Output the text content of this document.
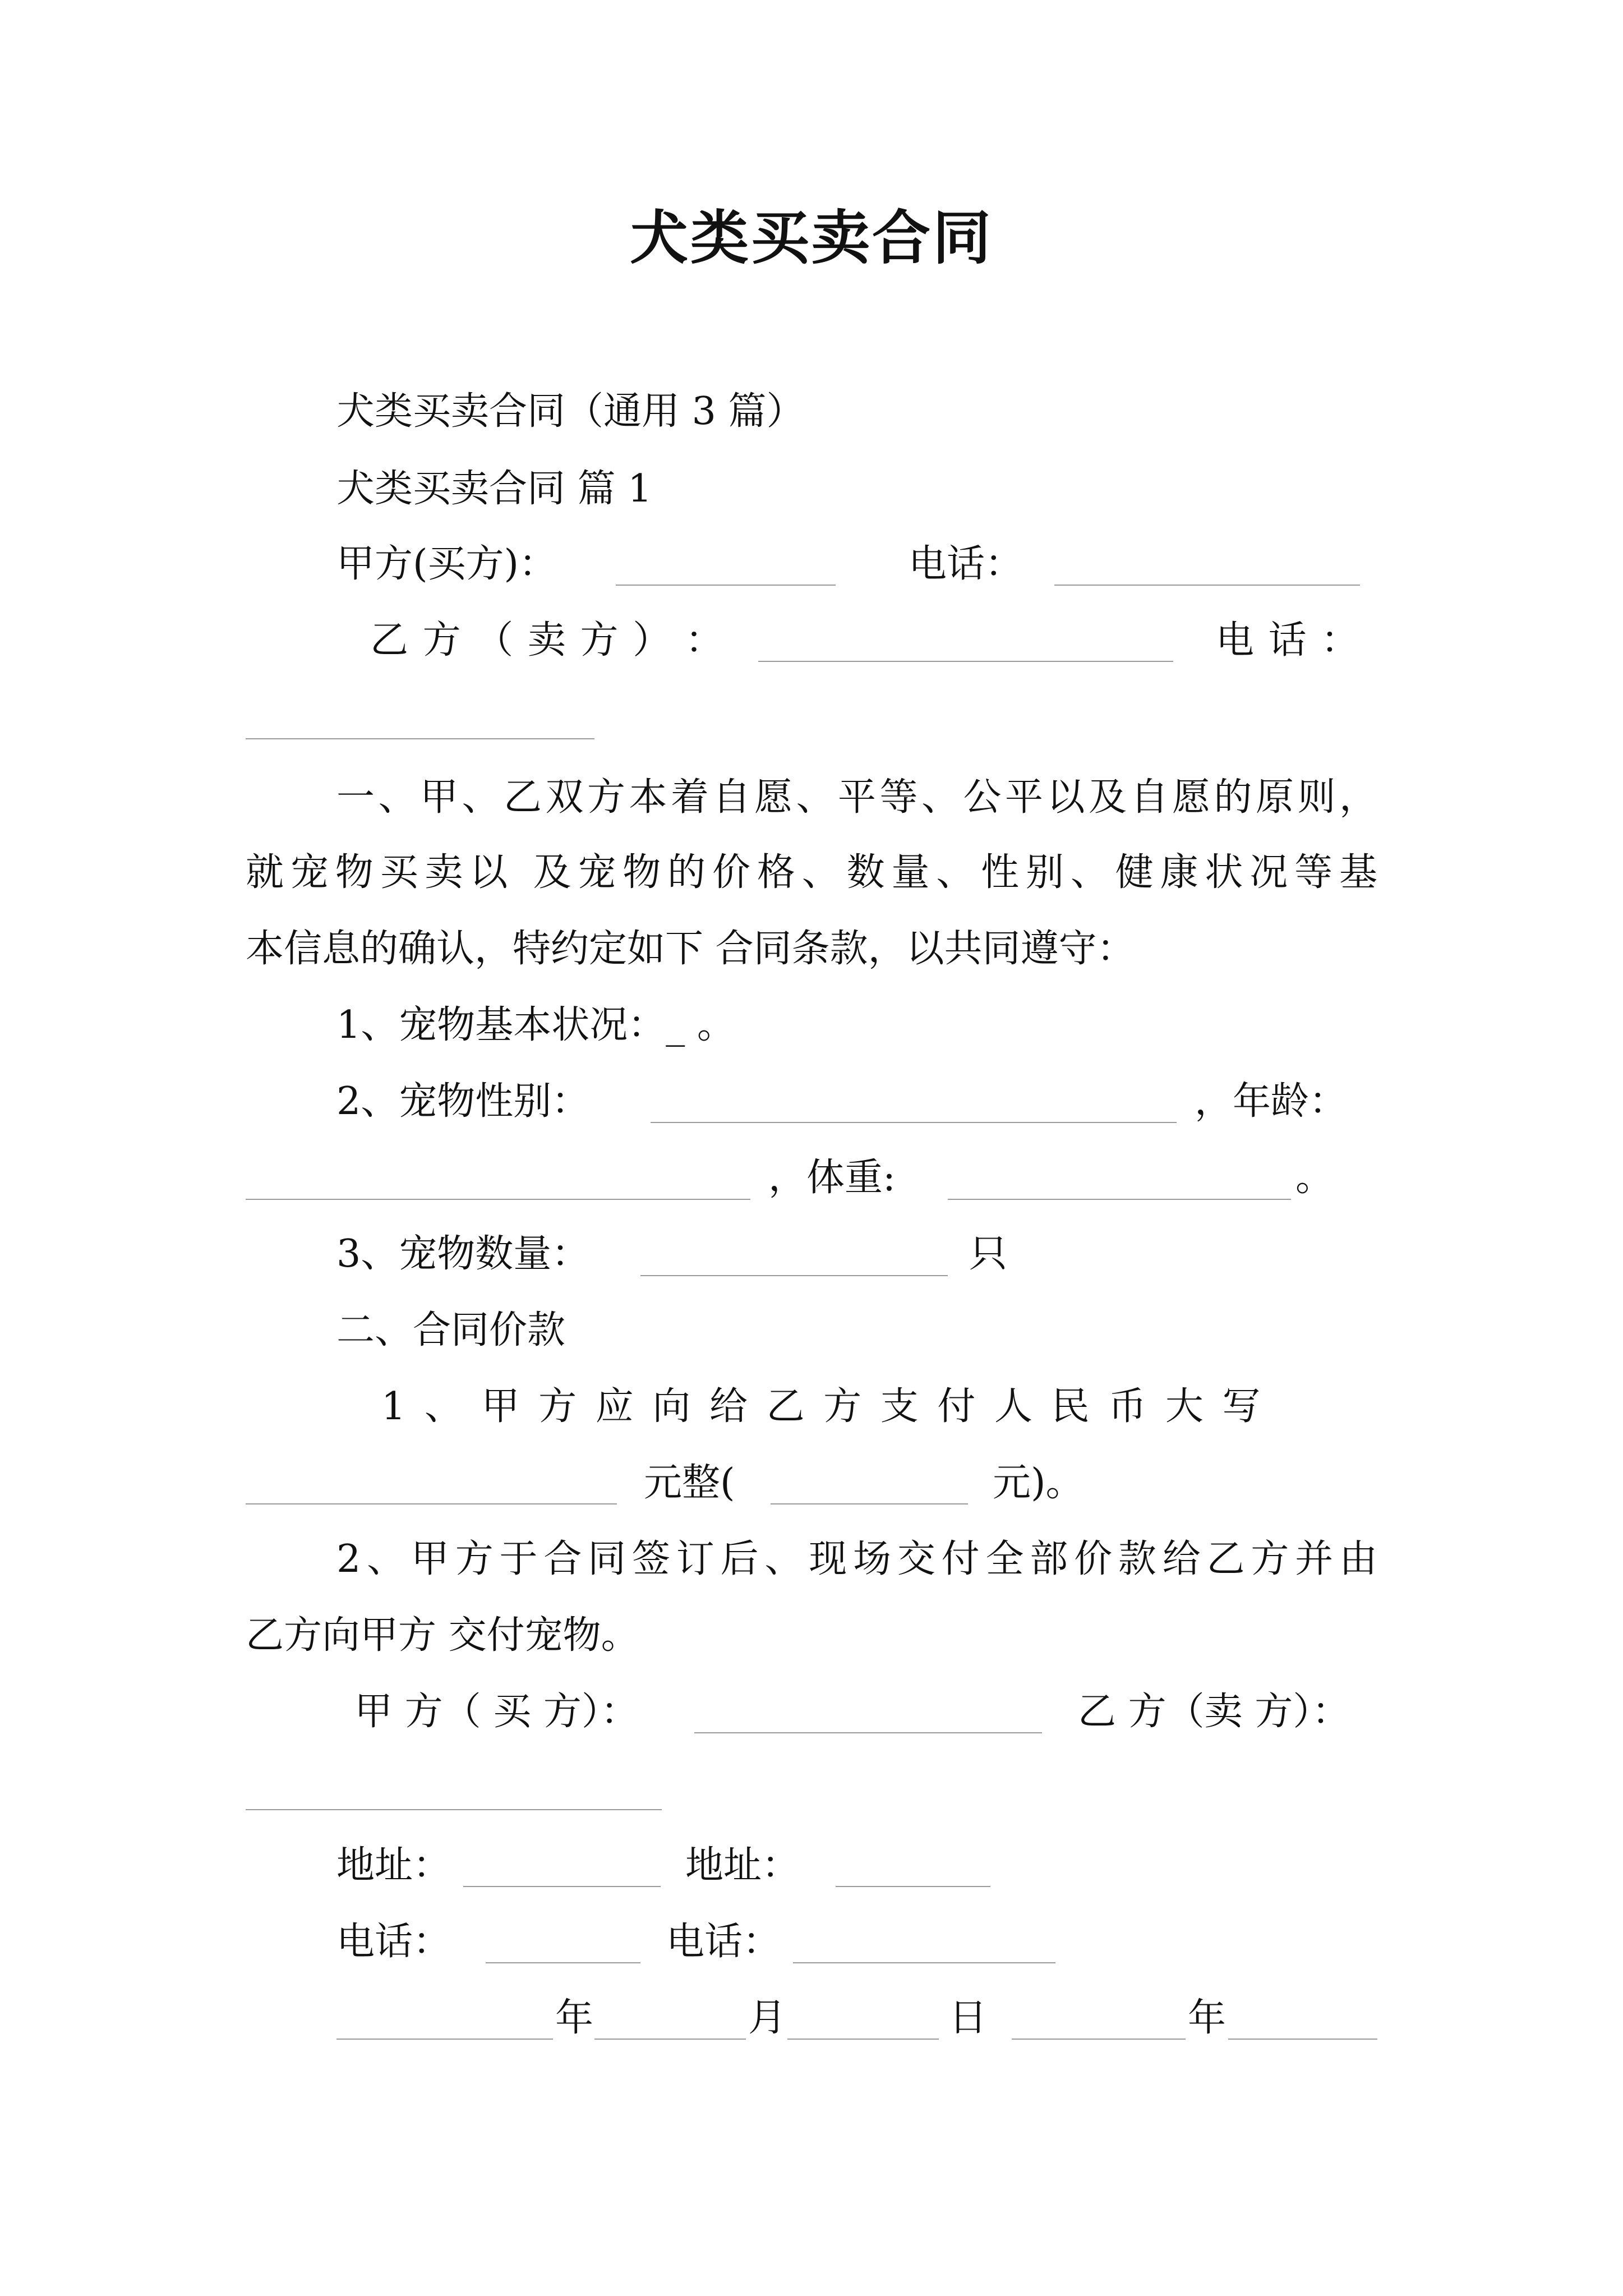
犬类买卖合同
犬类买卖合同（通用 3 篇）
犬类买卖合同 篇 1
甲方(买方)：	电话：
乙 方 （ 卖 方 ） ：	电 话 ：
一、甲、乙双方本着自愿、平等、公平以及自愿的原则，
就宠物买卖以 及宠物的价格、数量、性别、健康状况等基
本信息的确认，特约定如下 合同条款，以共同遵守：
1、宠物基本状况：_ 。
2、宠物性别：	，年龄：
，体重:	。
3、宠物数量：	只
二、合同价款
1 、 甲 方 应 向 给 乙 方 支 付 人 民 币 大 写
元整(	元)。
2、甲方于合同签订后、现场交付全部价款给乙方并由
乙方向甲方 交付宠物。
甲 方（ 买 方）：	乙 方（卖 方）：
地址：	地址：
电话：	电话：
年	月	日	年
